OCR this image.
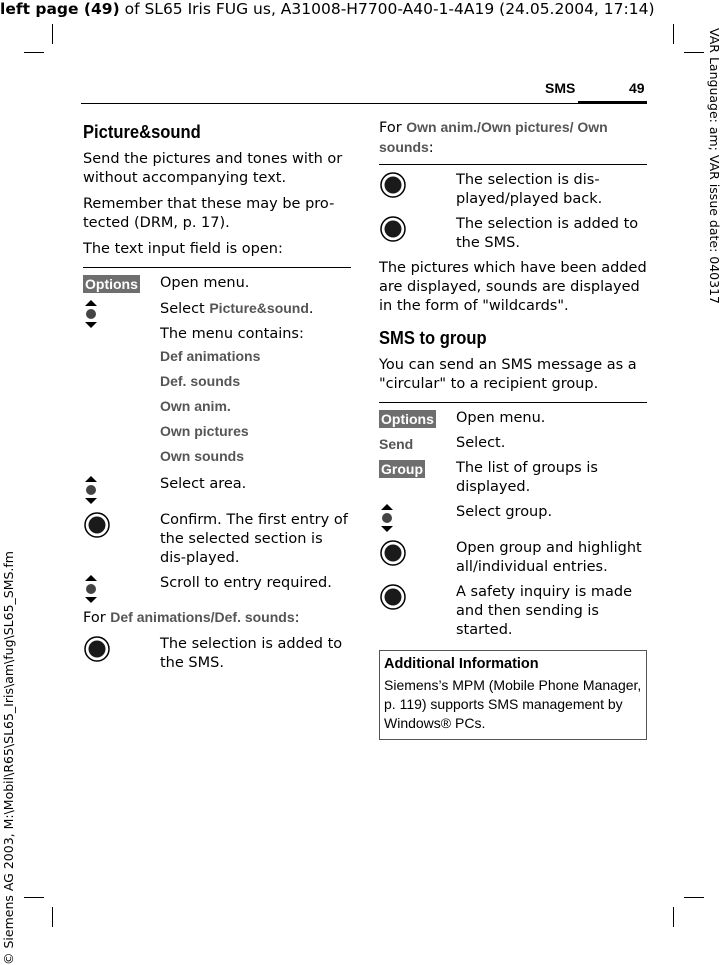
left page (49) of SL65 Iris FUG us, A31008-H7700-A40-1-4A19 (24.05.2004, 17:14)
VAR Language: am; VAR issue date: 040317
© Siemens AG 2003, M:\Mobil\R65\SL65_Iris\am\fug\SL65_SMS.fm
SMS	49
Picture&sound

Send the pictures and tones with or without accompanying text.

Remember that these may be pro-tected (DRM, p. 17).

The text input field is open:

Options	Open menu.
Select Picture&sound.
The menu contains:
Def animations
Def. sounds
Own anim.
Own pictures
Own sounds
Select area.
Confirm. The first entry of the selected section is dis-played.
Scroll to entry required.

For Def animations/Def. sounds:

The selection is added to the SMS.

For Own anim./Own pictures/ Own sounds:

The selection is dis-played/played back.
The selection is added to the SMS.

The pictures which have been added are displayed, sounds are displayed in the form of "wildcards".

SMS to group

You can send an SMS message as a "circular" to a recipient group.

Options	Open menu.
Send	Select.
Group	The list of groups is displayed.
Select group.
Open group and highlight all/individual entries.
A safety inquiry is made and then sending is started.
Additional Information
Siemens’s MPM (Mobile Phone Manager, p. 119) supports SMS management by Windows® PCs.
